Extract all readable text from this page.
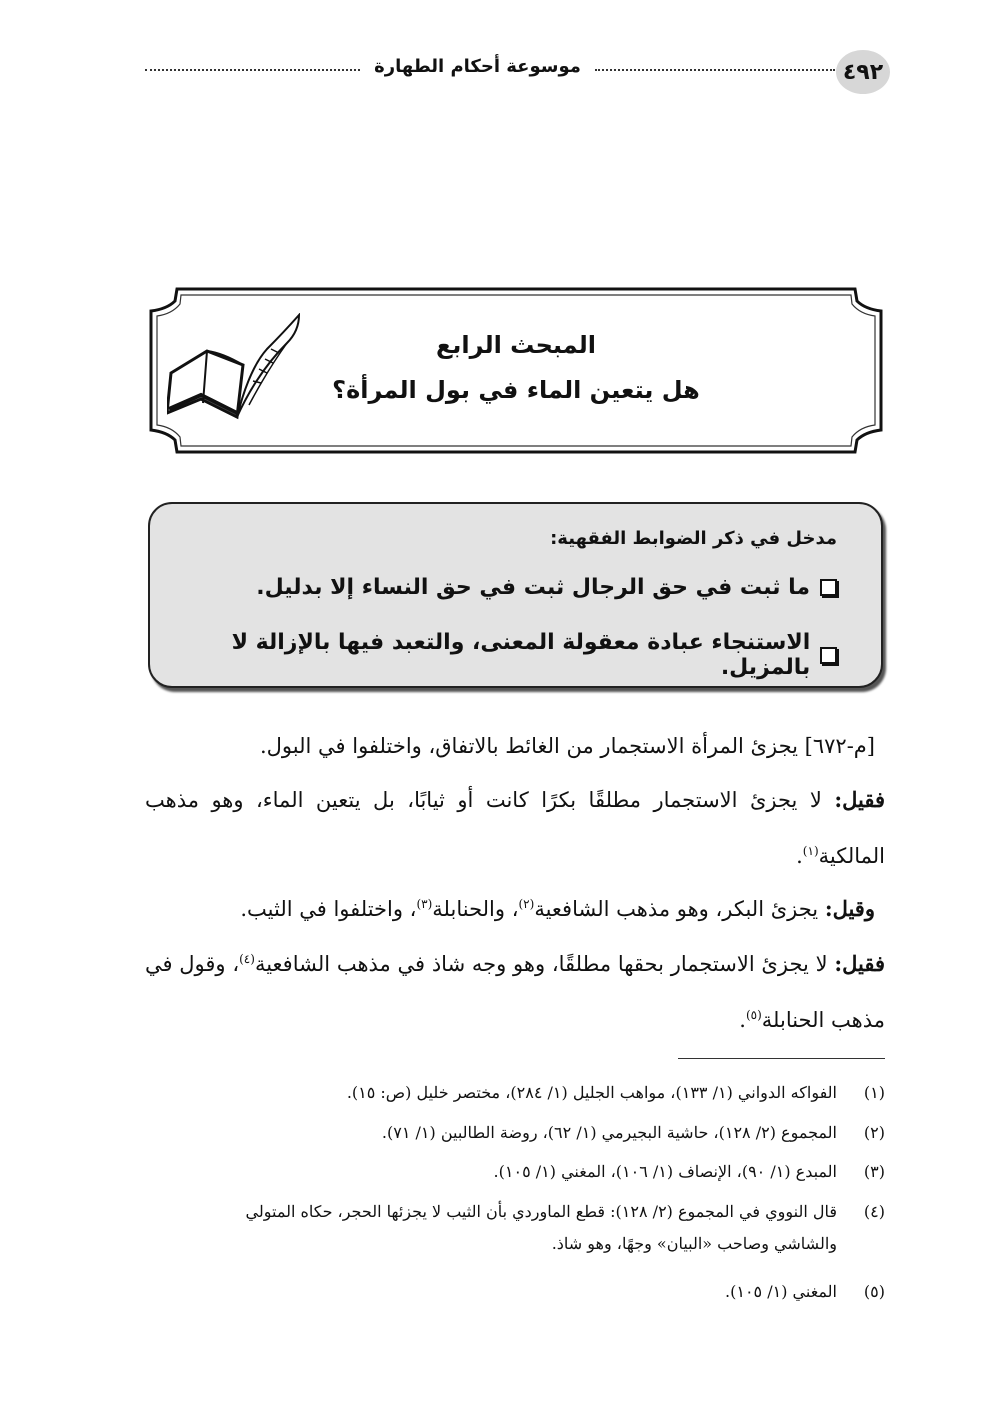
موسوعة أحكام الطهارة	٤٩٢
المبحث الرابع
هل يتعين الماء في بول المرأة؟
مدخل في ذكر الضوابط الفقهية:
ما ثبت في حق الرجال ثبت في حق النساء إلا بدليل.
الاستنجاء عبادة معقولة المعنى، والتعبد فيها بالإزالة لا بالمزيل.
[م-٦٧٢] يجزئ المرأة الاستجمار من الغائط بالاتفاق، واختلفوا في البول.
فقيل: لا يجزئ الاستجمار مطلقًا بكرًا كانت أو ثيابًا، بل يتعين الماء، وهو مذهب المالكية$^{(١)}$.
وقيل: يجزئ البكر، وهو مذهب الشافعية$^{(٢)}$، والحنابلة$^{(٣)}$، واختلفوا في الثيب.
فقيل: لا يجزئ الاستجمار بحقها مطلقًا، وهو وجه شاذ في مذهب الشافعية$^{(٤)}$، وقول في مذهب الحنابلة$^{(٥)}$.
(١)الفواكه الدواني (١/ ١٣٣)، مواهب الجليل (١/ ٢٨٤)، مختصر خليل (ص: ١٥).
(٢)المجموع (٢/ ١٢٨)، حاشية البجيرمي (١/ ٦٢)، روضة الطالبين (١/ ٧١).
(٣)المبدع (١/ ٩٠)، الإنصاف (١/ ١٠٦)، المغني (١/ ١٠٥).
(٤)قال النووي في المجموع (٢/ ١٢٨): قطع الماوردي بأن الثيب لا يجزئها الحجر، حكاه المتولي
والشاشي وصاحب «البيان» وجهًا، وهو شاذ.
(٥)المغني (١/ ١٠٥).
